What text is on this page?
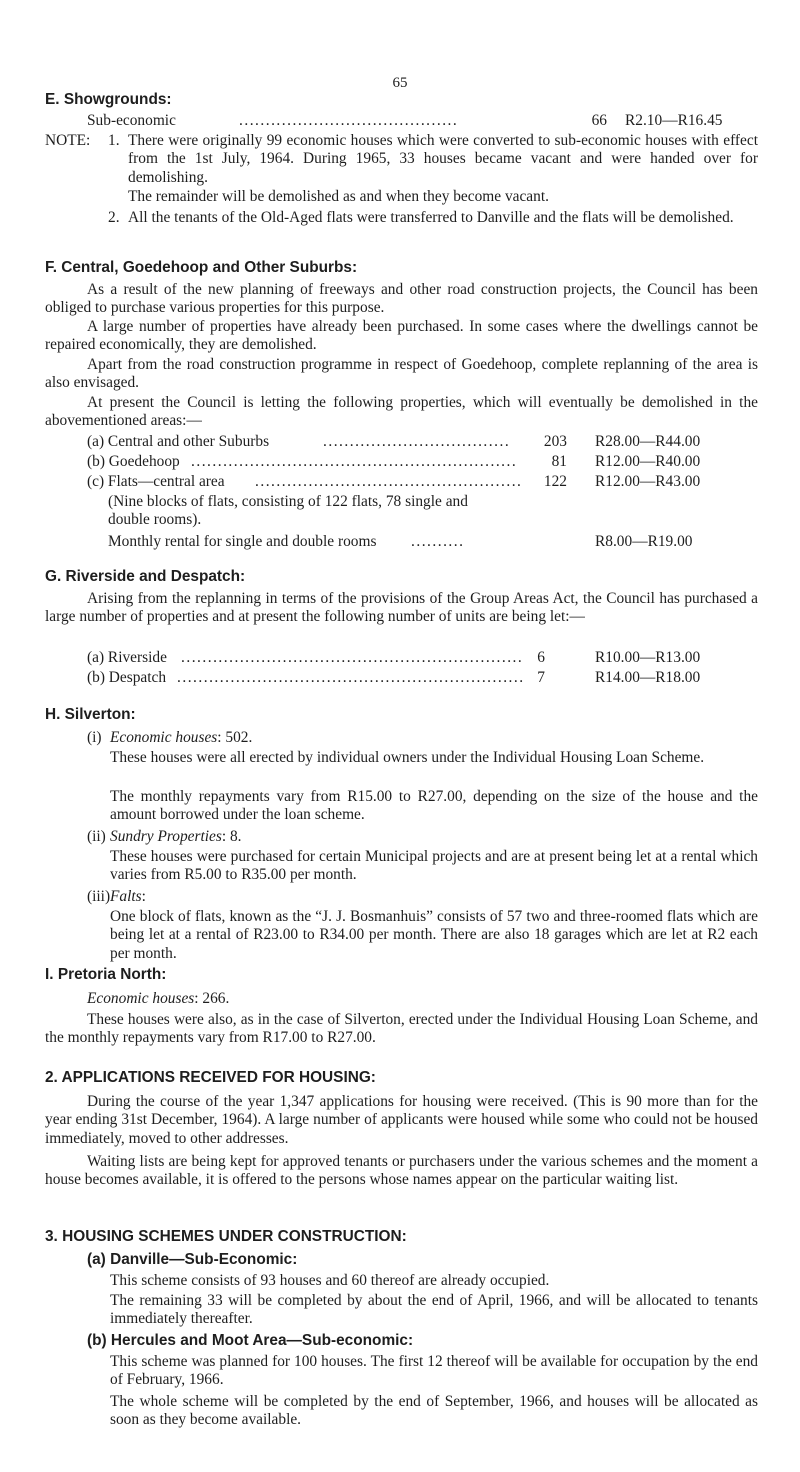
65
E. Showgrounds:
Sub-economic	.........................................	66 R2.10—R16.45
NOTE: 1. There were originally 99 economic houses which were converted to sub-economic houses with effect from the 1st July, 1964. During 1965, 33 houses became vacant and were handed over for demolishing.
The remainder will be demolished as and when they become vacant.
2. All the tenants of the Old-Aged flats were transferred to Danville and the flats will be demolished.
F. Central, Goedehoop and Other Suburbs:
As a result of the new planning of freeways and other road construction projects, the Council has been obliged to purchase various properties for this purpose.
A large number of properties have already been purchased. In some cases where the dwellings cannot be repaired economically, they are demolished.
Apart from the road construction programme in respect of Goedehoop, complete replanning of the area is also envisaged.
At present the Council is letting the following properties, which will eventually be demolished in the abovementioned areas:—
(a) Central and other Suburbs	...................................	203 R28.00—R44.00
(b) Goedehoop .............................................................	81 R12.00—R40.00
(c) Flats—central area ..................................................	122 R12.00—R43.00
(Nine blocks of flats, consisting of 122 flats, 78 single and double rooms).
Monthly rental for single and double rooms ..........	R8.00—R19.00
G. Riverside and Despatch:
Arising from the replanning in terms of the provisions of the Group Areas Act, the Council has purchased a large number of properties and at present the following number of units are being let:—
(a) Riverside ................................................................ 6	R10.00—R13.00
(b) Despatch ................................................................. 7	R14.00—R18.00
H. Silverton:
(i) Economic houses: 502.
These houses were all erected by individual owners under the Individual Housing Loan Scheme.
The monthly repayments vary from R15.00 to R27.00, depending on the size of the house and the amount borrowed under the loan scheme.
(ii) Sundry Properties: 8.
These houses were purchased for certain Municipal projects and are at present being let at a rental which varies from R5.00 to R35.00 per month.
(iii) Falts:
One block of flats, known as the “J. J. Bosmanhuis” consists of 57 two and three-roomed flats which are being let at a rental of R23.00 to R34.00 per month. There are also 18 garages which are let at R2 each per month.
I. Pretoria North:
Economic houses: 266.
These houses were also, as in the case of Silverton, erected under the Individual Housing Loan Scheme, and the monthly repayments vary from R17.00 to R27.00.
2. APPLICATIONS RECEIVED FOR HOUSING:
During the course of the year 1,347 applications for housing were received. (This is 90 more than for the year ending 31st December, 1964). A large number of applicants were housed while some who could not be housed immediately, moved to other addresses.
Waiting lists are being kept for approved tenants or purchasers under the various schemes and the moment a house becomes available, it is offered to the persons whose names appear on the particular waiting list.
3. HOUSING SCHEMES UNDER CONSTRUCTION:
(a) Danville—Sub-Economic:
This scheme consists of 93 houses and 60 thereof are already occupied.
The remaining 33 will be completed by about the end of April, 1966, and will be allocated to tenants immediately thereafter.
(b) Hercules and Moot Area—Sub-economic:
This scheme was planned for 100 houses. The first 12 thereof will be available for occupation by the end of February, 1966.
The whole scheme will be completed by the end of September, 1966, and houses will be allocated as soon as they become available.
